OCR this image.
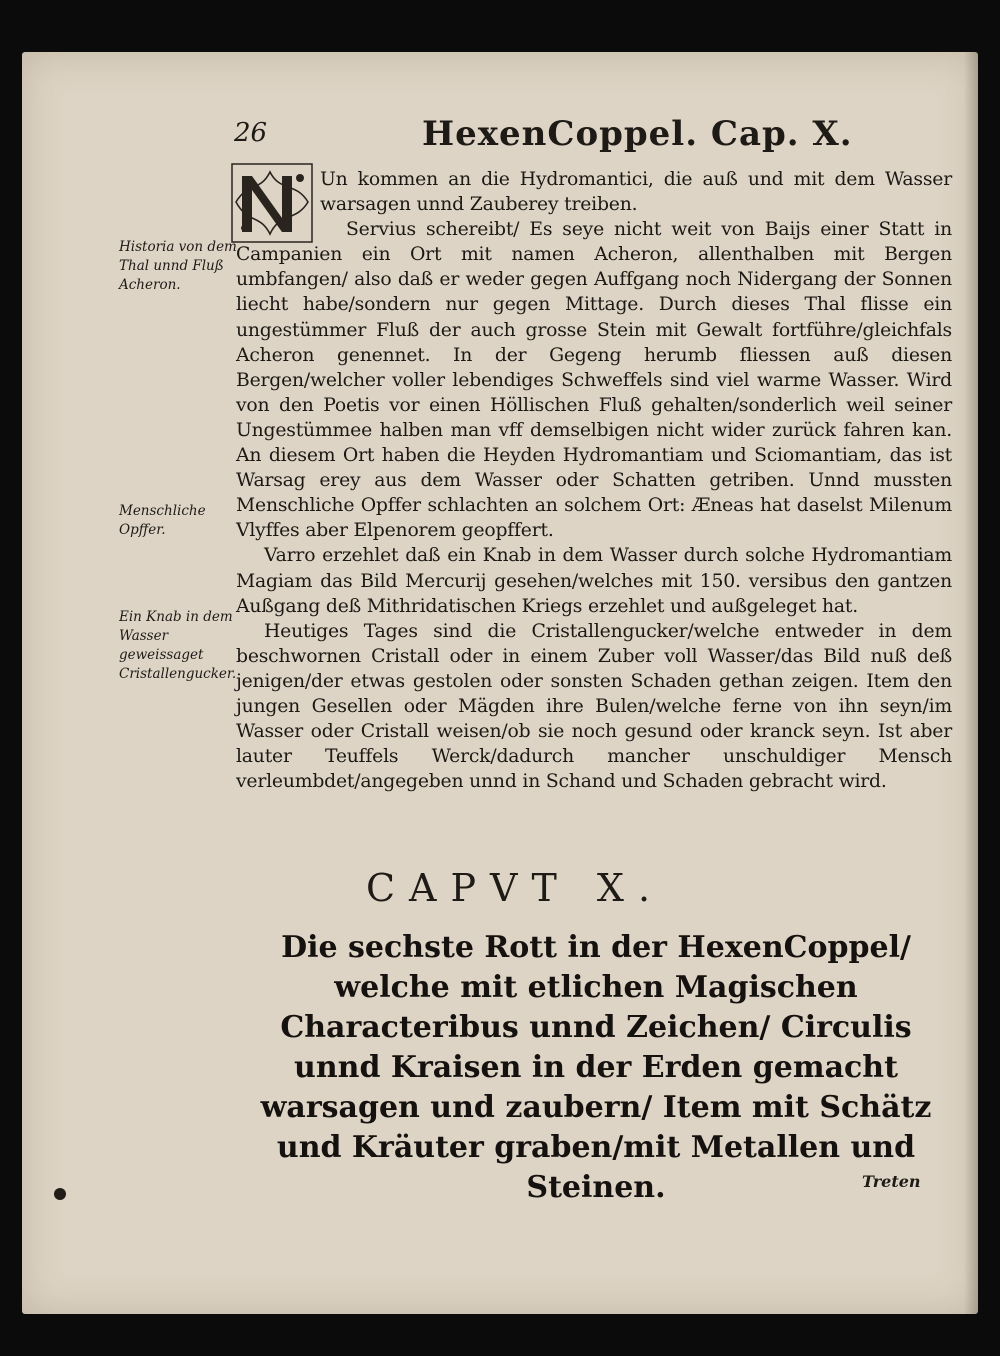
26	HexenCoppel. Cap. X.
Historia von dem Thal unnd Fluß Acheron.
Menschliche Opffer.
Ein Knab in dem Wasser geweissaget Cristallengucker.

Un kommen an die Hydromantici, die auß und mit dem Wasser warsagen unnd Zauberey treiben.

Servius schereibt/ Es seye nicht weit von Baijs einer Statt in Campanien ein Ort mit namen Acheron, allenthalben mit Bergen umbfangen/ also daß er weder gegen Auffgang noch Nidergang der Sonnen liecht habe/sondern nur gegen Mittage. Durch dieses Thal flisse ein ungestümmer Fluß der auch grosse Stein mit Gewalt fortführe/gleichfals Acheron genennet. In der Gegeng herumb fliessen auß diesen Bergen/welcher voller lebendiges Schweffels sind viel warme Wasser. Wird von den Poetis vor einen Höllischen Fluß gehalten/sonderlich weil seiner Ungestümmee halben man vff demselbigen nicht wider zurück fahren kan. An diesem Ort haben die Heyden Hydromantiam und Sciomantiam, das ist Warsag erey aus dem Wasser oder Schatten getriben. Unnd mussten Menschliche Opffer schlachten an solchem Ort: Æneas hat daselst Milenum Vlyffes aber Elpenorem geopffert.

Varro erzehlet daß ein Knab in dem Wasser durch solche Hydromantiam Magiam das Bild Mercurij gesehen/welches mit 150. versibus den gantzen Außgang deß Mithridatischen Kriegs erzehlet und außgeleget hat.

Heutiges Tages sind die Cristallengucker/welche entweder in dem beschwornen Cristall oder in einem Zuber voll Wasser/das Bild nuß deß jenigen/der etwas gestolen oder sonsten Schaden gethan zeigen. Item den jungen Gesellen oder Mägden ihre Bulen/welche ferne von ihn seyn/im Wasser oder Cristall weisen/ob sie noch gesund oder kranck seyn. Ist aber lauter Teuffels Werck/dadurch mancher unschuldiger Mensch verleumbdet/angegeben unnd in Schand und Schaden gebracht wird.

CAPVT X.
Die sechste Rott in der HexenCoppel/ welche mit etlichen Magischen Characteribus unnd Zeichen/ Circulis unnd Kraisen in der Erden gemacht warsagen und zaubern/ Item mit Schätz und Kräuter graben/mit Metallen und Steinen.	Treten
